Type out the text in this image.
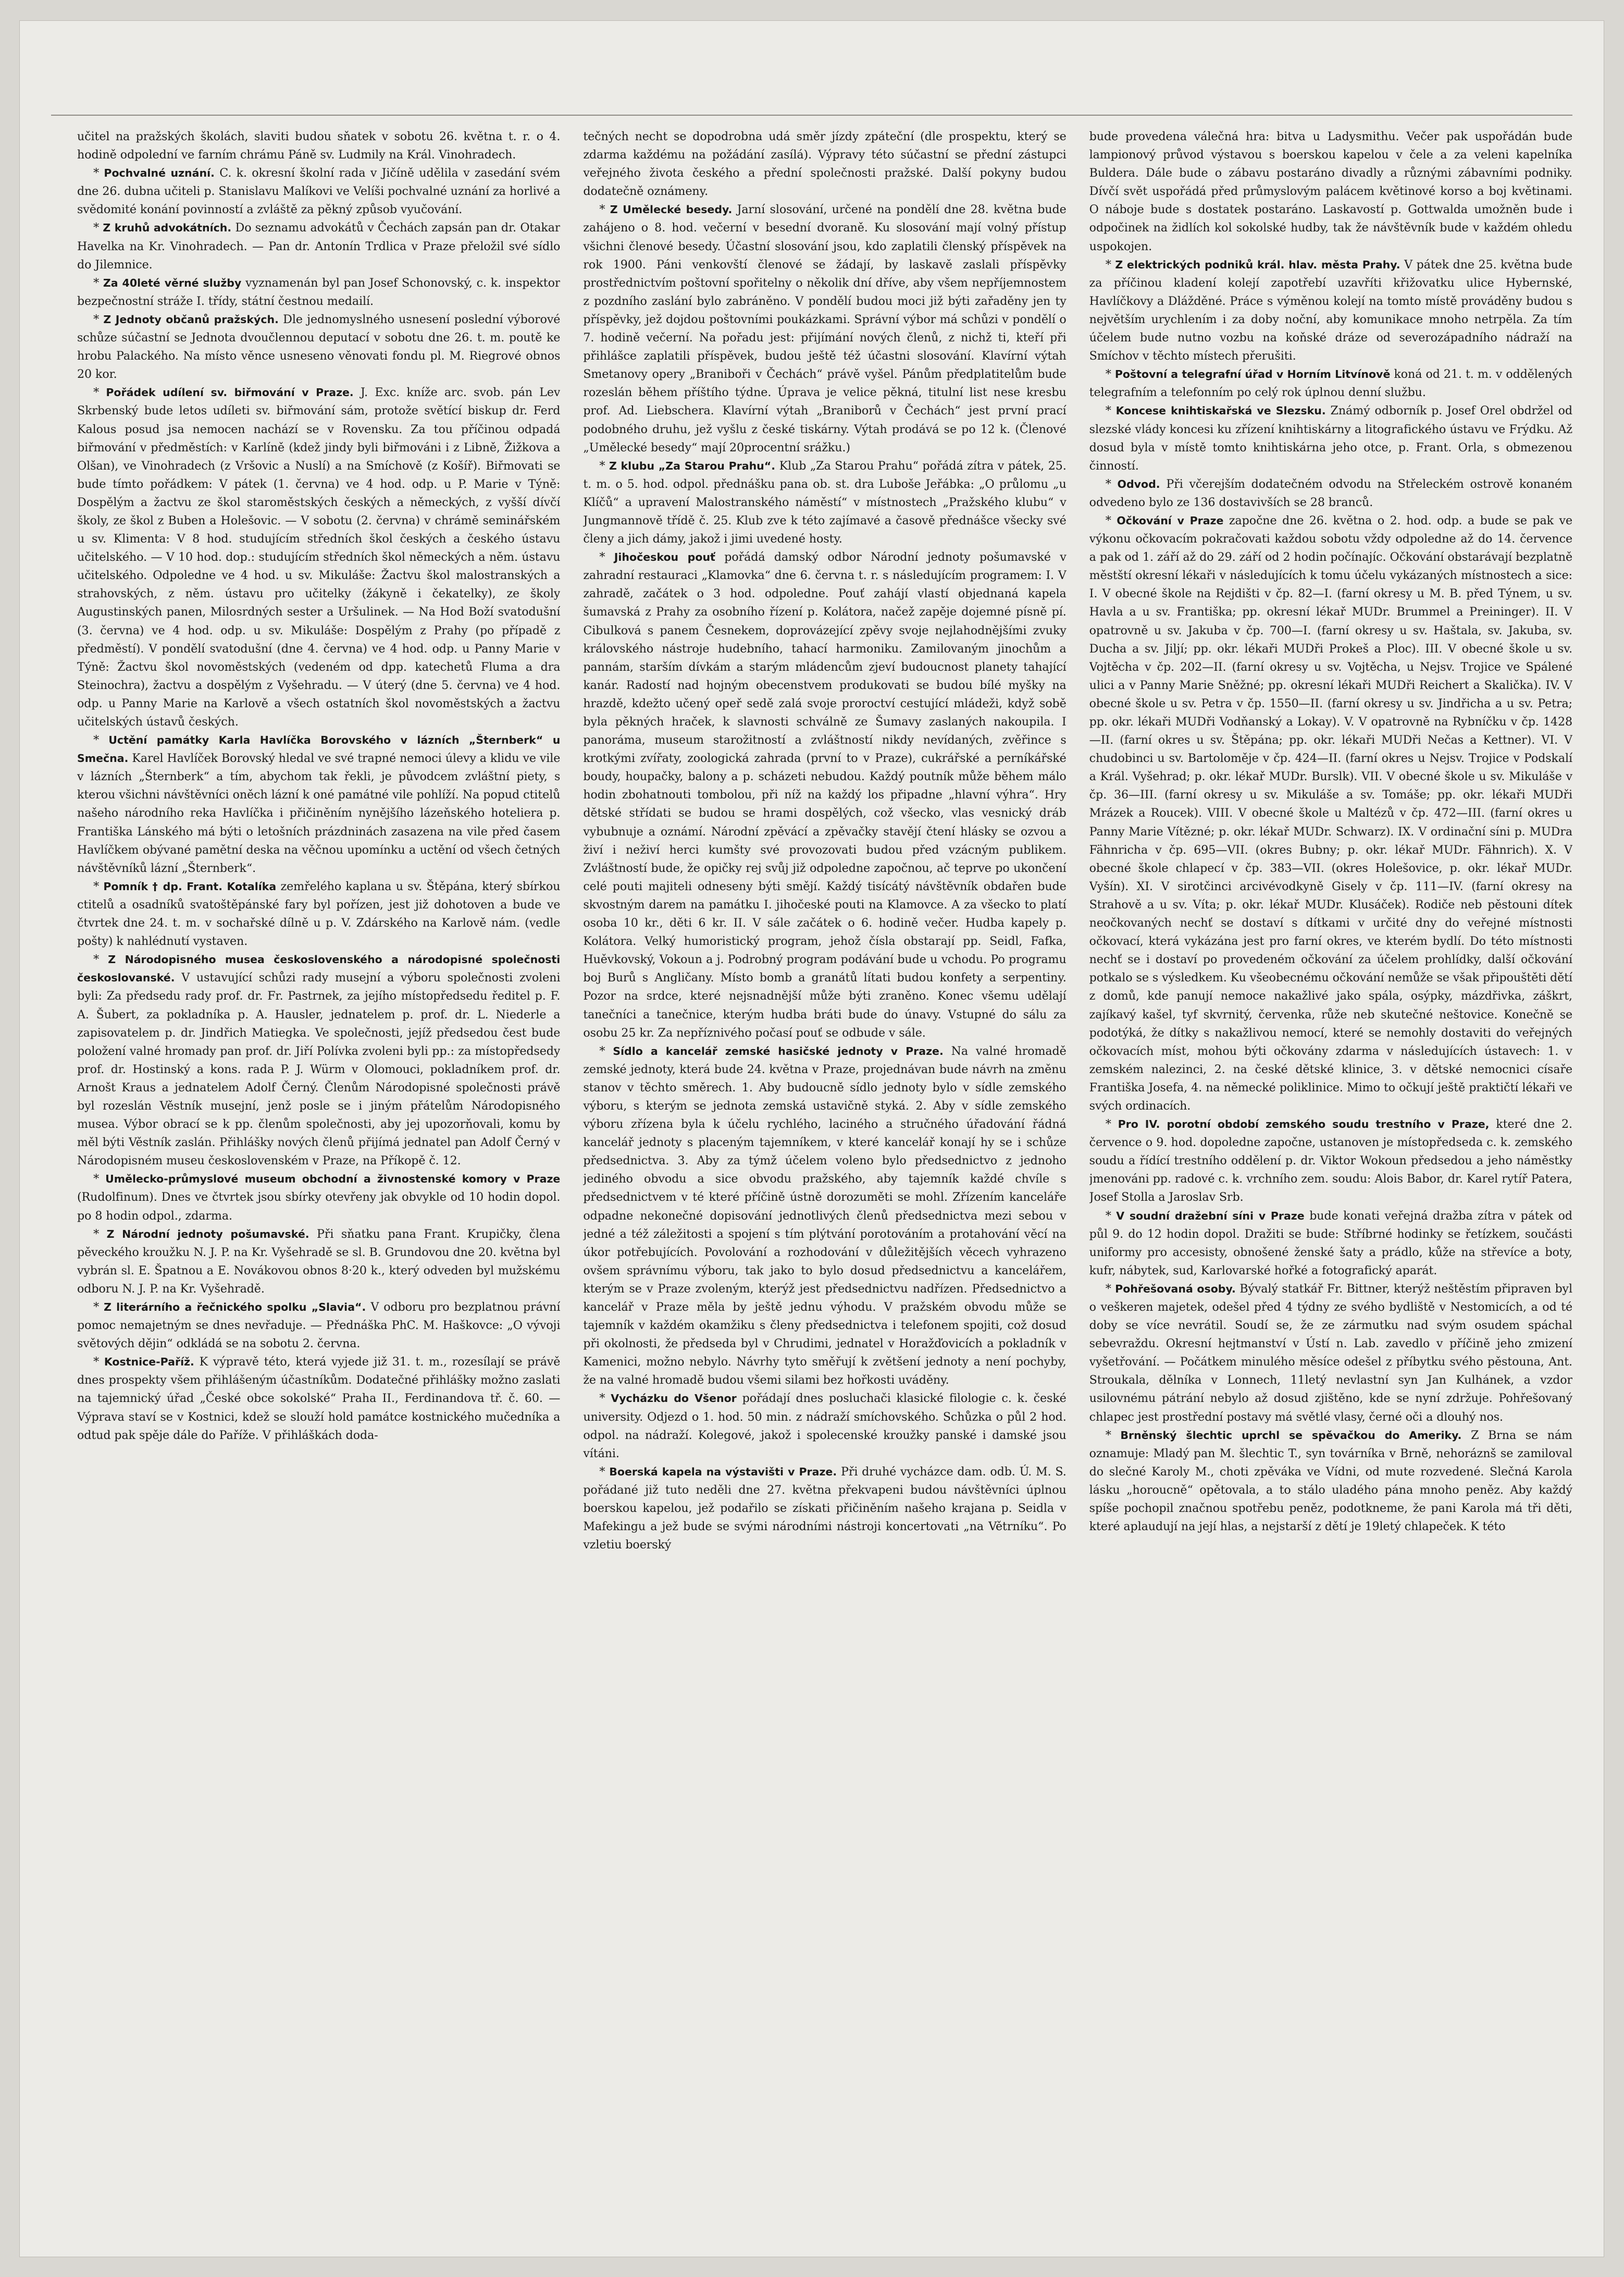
učitel na pražských školách, slaviti budou sňatek v sobotu 26. května t. r. o 4. hodině odpolední ve farním chrámu Páně sv. Ludmily na Král. Vinohradech.

* Pochvalné uznání. C. k. okresní školní rada v Jičíně udělila v zasedání svém dne 26. dubna učiteli p. Stanislavu Malíkovi ve Velíši pochvalné uznání za horlivé a svědomité konání povinností a zvláště za pěkný způsob vyučování.

* Z kruhů advokátních. Do seznamu advokátů v Čechách zapsán pan dr. Otakar Havelka na Kr. Vinohradech. — Pan dr. Antonín Trdlica v Praze přeložil své sídlo do Jilemnice.

* Za 40leté věrné služby vyznamenán byl pan Josef Schonovský, c. k. inspektor bezpečnostní stráže I. třídy, státní čestnou medailí.

* Z Jednoty občanů pražských. Dle jednomyslného usnesení poslední výborové schůze súčastní se Jednota dvoučlennou deputací v sobotu dne 26. t. m. poutě ke hrobu Palackého. Na místo věnce usneseno věnovati fondu pl. M. Riegrové obnos 20 kor.

* Pořádek udílení sv. biřmování v Praze. J. Exc. kníže arc. svob. pán Lev Skrbenský bude letos udíleti sv. biřmování sám, protože světící biskup dr. Ferd Kalous posud jsa nemocen nachází se v Rovensku. Za tou příčinou odpadá biřmování v předměstích: v Karlíně (kdež jindy byli biřmováni i z Libně, Žižkova a Olšan), ve Vinohradech (z Vršovic a Nuslí) a na Smíchově (z Košíř). Biřmovati se bude tímto pořádkem: V pátek (1. června) ve 4 hod. odp. u P. Marie v Týně: Dospělým a žactvu ze škol staroměstských českých a německých, z vyšší dívčí školy, ze škol z Buben a Holešovic. — V sobotu (2. června) v chrámě seminářském u sv. Klimenta: V 8 hod. studujícím středních škol českých a českého ústavu učitelského. — V 10 hod. dop.: studujícím středních škol německých a něm. ústavu učitelského. Odpoledne ve 4 hod. u sv. Mikuláše: Žactvu škol malostranských a strahovských, z něm. ústavu pro učitelky (žákyně i čekatelky), ze školy Augustinských panen, Milosrdných sester a Uršulinek. — Na Hod Boží svatodušní (3. června) ve 4 hod. odp. u sv. Mikuláše: Dospělým z Prahy (po případě z předměstí). V pondělí svatodušní (dne 4. června) ve 4 hod. odp. u Panny Marie v Týně: Žactvu škol novoměstských (vedeném od dpp. katechetů Fluma a dra Steinochra), žactvu a dospělým z Vyšehradu. — V úterý (dne 5. června) ve 4 hod. odp. u Panny Marie na Karlově a všech ostatních škol novoměstských a žactvu učitelských ústavů českých.

* Uctění památky Karla Havlíčka Borovského v lázních „Šternberk“ u Smečna. Karel Havlíček Borovský hledal ve své trapné nemoci úlevy a klidu ve vile v lázních „Šternberk“ a tím, abychom tak řekli, je původcem zvláštní piety, s kterou všichni návštěvníci oněch lázní k oné památné vile pohlíží. Na popud ctitelů našeho národního reka Havlíčka i přičiněním nynějšího lázeňského hoteliera p. Františka Lánského má býti o letošních prázdninách zasazena na vile před časem Havlíčkem obývané pamětní deska na věčnou upomínku a uctění od všech četných návštěvníků lázní „Šternberk“.

* Pomník † dp. Frant. Kotalíka zemřelého kaplana u sv. Štěpána, který sbírkou ctitelů a osadníků svatoštěpánské fary byl pořízen, jest již dohotoven a bude ve čtvrtek dne 24. t. m. v sochařské dílně u p. V. Zdárského na Karlově nám. (vedle pošty) k nahlédnutí vystaven.

* Z Národopisného musea československého a národopisné společnosti českoslovanské. V ustavující schůzi rady musejní a výboru společnosti zvoleni byli: Za předsedu rady prof. dr. Fr. Pastrnek, za jejího místopředsedu ředitel p. F. A. Šubert, za pokladníka p. A. Hausler, jednatelem p. prof. dr. L. Niederle a zapisovatelem p. dr. Jindřich Matiegka. Ve společnosti, jejíž předsedou čest bude položení valné hromady pan prof. dr. Jiří Polívka zvoleni byli pp.: za místopředsedy prof. dr. Hostinský a kons. rada P. J. Würm v Olomouci, pokladníkem prof. dr. Arnošt Kraus a jednatelem Adolf Černý. Členům Národopisné společnosti právě byl rozeslán Věstník musejní, jenž posle se i jiným přátelům Národopisného musea. Výbor obrací se k pp. členům společnosti, aby jej upozorňovali, komu by měl býti Věstník zaslán. Přihlášky nových členů přijímá jednatel pan Adolf Černý v Národopisném museu československém v Praze, na Příkopě č. 12.

* Umělecko-průmyslové museum obchodní a živnostenské komory v Praze (Rudolfinum). Dnes ve čtvrtek jsou sbírky otevřeny jak obvykle od 10 hodin dopol. po 8 hodin odpol., zdarma.

* Z Národní jednoty pošumavské. Při sňatku pana Frant. Krupičky, člena pěveckého kroužku N. J. P. na Kr. Vyšehradě se sl. B. Grundovou dne 20. května byl vybrán sl. E. Špatnou a E. Novákovou obnos 8·20 k., který odveden byl mužskému odboru N. J. P. na Kr. Vyšehradě.

* Z literárního a řečnického spolku „Slavia“. V odboru pro bezplatnou právní pomoc nemajetným se dnes nevřaduje. — Přednáška PhC. M. Haškovce: „O vývoji světových dějin“ odkládá se na sobotu 2. června.

* Kostnice-Paříž. K výpravě této, která vyjede již 31. t. m., rozesílají se právě dnes prospekty všem přihlášeným účastníkům. Dodatečné přihlášky možno zaslati na tajemnický úřad „České obce sokolské“ Praha II., Ferdinandova tř. č. 60. — Výprava staví se v Kostnici, kdež se slouží hold památce kostnického mučedníka a odtud pak spěje dále do Paříže. V přihláškách doda-

tečných necht se dopodrobna udá směr jízdy zpáteční (dle prospektu, který se zdarma každému na požádání zasílá). Výpravy této súčastní se přední zástupci veřejného života českého a přední společnosti pražské. Další pokyny budou dodatečně oznámeny.

* Z Umělecké besedy. Jarní slosování, určené na pondělí dne 28. května bude zahájeno o 8. hod. večerní v besední dvoraně. Ku slosování mají volný přístup všichni členové besedy. Účastní slosování jsou, kdo zaplatili členský příspěvek na rok 1900. Páni venkovští členové se žádají, by laskavě zaslali příspěvky prostřednictvím poštovní spořitelny o několik dní dříve, aby všem nepříjemnostem z pozdního zaslání bylo zabráněno. V pondělí budou moci již býti zařaděny jen ty příspěvky, jež dojdou poštovními poukázkami. Správní výbor má schůzi v pondělí o 7. hodině večerní. Na pořadu jest: přijímání nových členů, z nichž ti, kteří při přihlášce zaplatili příspěvek, budou ještě též účastni slosování. Klavírní výtah Smetanovy opery „Braniboři v Čechách“ právě vyšel. Pánům předplatitelům bude rozeslán během příštího týdne. Úprava je velice pěkná, titulní list nese kresbu prof. Ad. Liebschera. Klavírní výtah „Braniborů v Čechách“ jest první prací podobného druhu, jež vyšlu z české tiskárny. Výtah prodává se po 12 k. (Členové „Umělecké besedy“ mají 20procentní srážku.)

* Z klubu „Za Starou Prahu“. Klub „Za Starou Prahu“ pořádá zítra v pátek, 25. t. m. o 5. hod. odpol. přednášku pana ob. st. dra Luboše Jeřábka: „O průlomu „u Klíčů“ a upravení Malostranského náměstí“ v místnostech „Pražského klubu“ v Jungmannově třídě č. 25. Klub zve k této zajímavé a časově přednášce všecky své členy a jich dámy, jakož i jimi uvedené hosty.

* Jihočeskou pouť pořádá damský odbor Národní jednoty pošumavské v zahradní restauraci „Klamovka“ dne 6. června t. r. s následujícím programem: I. V zahradě, začátek o 3 hod. odpoledne. Pouť zahájí vlastí objednaná kapela šumavská z Prahy za osobního řízení p. Kolátora, načež zapěje dojemné písně pí. Cibulková s panem Česnekem, doprovázející zpěvy svoje nejlahodnějšími zvuky královského nástroje hudebního, tahací harmoniku. Zamilovaným jinochům a pannám, starším dívkám a starým mládencům zjeví budoucnost planety tahající kanár. Radostí nad hojným obecenstvem produkovati se budou bílé myšky na hrazdě, kdežto učený opeř sedě zalá svoje proroctví cestující mládeži, když sobě byla pěkných hraček, k slavnosti schválně ze Šumavy zaslaných nakoupila. I panoráma, museum starožitností a zvláštností nikdy nevídaných, zvěřince s krotkými zvířaty, zoologická zahrada (první to v Praze), cukrářské a perníkářské boudy, houpačky, balony a p. scházeti nebudou. Každý poutník může během málo hodin zbohatnouti tombolou, při níž na každý los připadne „hlavní výhra“. Hry dětské střídati se budou se hrami dospělých, což všecko, vlas vesnický dráb vybubnuje a oznámí. Národní zpěvácí a zpěvačky stavějí čtení hlásky se ozvou a živí i neživí herci kumšty své provozovati budou před vzácným publikem. Zvláštností bude, že opičky rej svůj již odpoledne započnou, ač teprve po ukončení celé pouti majiteli odneseny býti smějí. Každý tisícátý návštěvník obdařen bude skvostným darem na památku I. jihočeské pouti na Klamovce. A za všecko to platí osoba 10 kr., děti 6 kr. II. V sále začátek o 6. hodině večer. Hudba kapely p. Kolátora. Velký humoristický program, jehož čísla obstarají pp. Seidl, Fafka, Huěvkovský, Vokoun a j. Podrobný program podávání bude u vchodu. Po programu boj Burů s Angličany. Místo bomb a granátů lítati budou konfety a serpentiny. Pozor na srdce, které nejsnadnější může býti zraněno. Konec všemu udělají tanečníci a tanečnice, kterým hudba bráti bude do únavy. Vstupné do sálu za osobu 25 kr. Za nepříznivého počasí pouť se odbude v sále.

* Sídlo a kancelář zemské hasičské jednoty v Praze. Na valné hromadě zemské jednoty, která bude 24. května v Praze, projednávan bude návrh na změnu stanov v těchto směrech. 1. Aby budoucně sídlo jednoty bylo v sídle zemského výboru, s kterým se jednota zemská ustavičně styká. 2. Aby v sídle zemského výboru zřízena byla k účelu rychlého, laciného a stručného úřadování řádná kancelář jednoty s placeným tajemníkem, v které kancelář konají hy se i schůze předsednictva. 3. Aby za týmž účelem voleno bylo předsednictvo z jednoho jediného obvodu a sice obvodu pražského, aby tajemník každé chvíle s předsednictvem v té které příčině ústně dorozuměti se mohl. Zřízením kanceláře odpadne nekonečné dopisování jednotlivých členů předsednictva mezi sebou v jedné a též záležitosti a spojení s tím plýtvání porotováním a protahování věcí na úkor potřebujících. Povolování a rozhodování v důležitějších věcech vyhrazeno ovšem správnímu výboru, tak jako to bylo dosud předsednictvu a kancelářem, kterým se v Praze zvoleným, kterýž jest předsednictvu nadřízen. Předsednictvo a kancelář v Praze měla by ještě jednu výhodu. V pražském obvodu může se tajemník v každém okamžiku s členy předsednictva i telefonem spojiti, což dosud při okolnosti, že předseda byl v Chrudimi, jednatel v Horažďovicích a pokladník v Kamenici, možno nebylo. Návrhy tyto směřují k zvětšení jednoty a není pochyby, že na valné hromadě budou všemi silami bez hořkosti uváděny.

* Vycházku do Všenor pořádají dnes posluchači klasické filologie c. k. české university. Odjezd o 1. hod. 50 min. z nádraží smíchovského. Schůzka o půl 2 hod. odpol. na nádraží. Kolegové, jakož i spolecenské kroužky panské i damské jsou vítáni.

* Boerská kapela na výstavišti v Praze. Při druhé vycházce dam. odb. Ú. M. S. pořádané již tuto neděli dne 27. května překvapeni budou návštěvníci úplnou boerskou kapelou, jež podařilo se získati přičiněním našeho krajana p. Seidla v Mafekingu a jež bude se svými národními nástroji koncertovati „na Větrníku“. Po vzletiu boerský

bude provedena válečná hra: bitva u Ladysmithu. Večer pak uspořádán bude lampionový průvod výstavou s boerskou kapelou v čele a za veleni kapelníka Buldera. Dále bude o zábavu postaráno divadly a různými zábavními podniky. Dívčí svět uspořádá před průmyslovým palácem květinové korso a boj květinami. O náboje bude s dostatek postaráno. Laskavostí p. Gottwalda umožněn bude i odpočinek na židlích kol sokolské hudby, tak že návštěvník bude v každém ohledu uspokojen.

* Z elektrických podniků král. hlav. města Prahy. V pátek dne 25. května bude za příčinou kladení kolejí zapotřebí uzavříti křižovatku ulice Hybernské, Havlíčkovy a Dlážděné. Práce s výměnou kolejí na tomto místě prováděny budou s největším urychlením i za doby noční, aby komunikace mnoho netrpěla. Za tím účelem bude nutno vozbu na koňské dráze od severozápadního nádraží na Smíchov v těchto místech přerušiti.

* Poštovní a telegrafní úřad v Horním Litvínově koná od 21. t. m. v oddělených telegrafním a telefonním po celý rok úplnou denní službu.

* Koncese knihtiskařská ve Slezsku. Známý odborník p. Josef Orel obdržel od slezské vlády koncesi ku zřízení knihtiskárny a litografického ústavu ve Frýdku. Až dosud byla v místě tomto knihtiskárna jeho otce, p. Frant. Orla, s obmezenou činností.

* Odvod. Při včerejším dodatečném odvodu na Střeleckém ostrově konaném odvedeno bylo ze 136 dostavivších se 28 branců.

* Očkování v Praze započne dne 26. května o 2. hod. odp. a bude se pak ve výkonu očkovacím pokračovati každou sobotu vždy odpoledne až do 14. července a pak od 1. září až do 29. září od 2 hodin počínajíc. Očkování obstarávají bezplatně městští okresní lékaři v následujících k tomu účelu vykázaných místnostech a sice: I. V obecné škole na Rejdišti v čp. 82—I. (farní okresy u M. B. před Týnem, u sv. Havla a u sv. Františka; pp. okresní lékař MUDr. Brummel a Preininger). II. V opatrovně u sv. Jakuba v čp. 700—I. (farní okresy u sv. Haštala, sv. Jakuba, sv. Ducha a sv. Jiljí; pp. okr. lékaři MUDři Prokeš a Ploc). III. V obecné škole u sv. Vojtěcha v čp. 202—II. (farní okresy u sv. Vojtěcha, u Nejsv. Trojice ve Spálené ulici a v Panny Marie Sněžné; pp. okresní lékaři MUDři Reichert a Skalička). IV. V obecné škole u sv. Petra v čp. 1550—II. (farní okresy u sv. Jindřicha a u sv. Petra; pp. okr. lékaři MUDři Vodňanský a Lokay). V. V opatrovně na Rybníčku v čp. 1428—II. (farní okres u sv. Štěpána; pp. okr. lékaři MUDři Nečas a Kettner). VI. V chudobinci u sv. Bartoloměje v čp. 424—II. (farní okres u Nejsv. Trojice v Podskalí a Král. Vyšehrad; p. okr. lékař MUDr. Burslk). VII. V obecné škole u sv. Mikuláše v čp. 36—III. (farní okresy u sv. Mikuláše a sv. Tomáše; pp. okr. lékaři MUDři Mrázek a Roucek). VIII. V obecné škole u Maltézů v čp. 472—III. (farní okres u Panny Marie Vítězné; p. okr. lékař MUDr. Schwarz). IX. V ordinační síni p. MUDra Fähnricha v čp. 695—VII. (okres Bubny; p. okr. lékař MUDr. Fähnrich). X. V obecné škole chlapecí v čp. 383—VII. (okres Holešovice, p. okr. lékař MUDr. Vyšín). XI. V sirotčinci arcivévodkyně Gisely v čp. 111—IV. (farní okresy na Strahově a u sv. Víta; p. okr. lékař MUDr. Klusáček). Rodiče neb pěstouni dítek neočkovaných nechť se dostaví s dítkami v určité dny do veřejné místnosti očkovací, která vykázána jest pro farní okres, ve kterém bydlí. Do této místnosti nechť se i dostaví po provedeném očkování za účelem prohlídky, další očkování potkalo se s výsledkem. Ku všeobecnému očkování nemůže se však připouštěti dětí z domů, kde panují nemoce nakažlivé jako spála, osýpky, mázdřivka, záškrt, zajíkavý kašel, tyf skvrnitý, červenka, růže neb skutečné neštovice. Konečně se podotýká, že dítky s nakažlivou nemocí, které se nemohly dostaviti do veřejných očkovacích míst, mohou býti očkovány zdarma v následujících ústavech: 1. v zemském nalezinci, 2. na české dětské klinice, 3. v dětské nemocnici císaře Františka Josefa, 4. na německé poliklinice. Mimo to očkují ještě praktičtí lékaři ve svých ordinacích.

* Pro IV. porotní období zemského soudu trestního v Praze, které dne 2. července o 9. hod. dopoledne započne, ustanoven je místopředseda c. k. zemského soudu a řídící trestního oddělení p. dr. Viktor Wokoun předsedou a jeho náměstky jmenováni pp. radové c. k. vrchního zem. soudu: Alois Babor, dr. Karel rytíř Patera, Josef Stolla a Jaroslav Srb.

* V soudní dražební síni v Praze bude konati veřejná dražba zítra v pátek od půl 9. do 12 hodin dopol. Dražiti se bude: Stříbrné hodinky se řetízkem, součásti uniformy pro accesisty, obnošené ženské šaty a prádlo, kůže na střevíce a boty, kufr, nábytek, sud, Karlovarské hořké a fotografický aparát.

* Pohřešovaná osoby. Bývalý statkář Fr. Bittner, kterýž neštěstím připraven byl o veškeren majetek, odešel před 4 týdny ze svého bydliště v Nestomicích, a od té doby se více nevrátil. Soudí se, že ze zármutku nad svým osudem spáchal sebevraždu. Okresní hejtmanství v Ústí n. Lab. zavedlo v příčině jeho zmizení vyšetřování. — Počátkem minulého měsíce odešel z příbytku svého pěstouna, Ant. Stroukala, dělníka v Lonnech, 11letý nevlastní syn Jan Kulhánek, a vzdor usilovnému pátrání nebylo až dosud zjištěno, kde se nyní zdržuje. Pohřešovaný chlapec jest prostřední postavy má světlé vlasy, černé oči a dlouhý nos.

* Brněnský šlechtic uprchl se spěvačkou do Ameriky. Z Brna se nám oznamuje: Mladý pan M. šlechtic T., syn továrníka v Brně, nehoráznš se zamiloval do slečné Karoly M., choti zpěváka ve Vídni, od mute rozvedené. Slečná Karola lásku „horoucně“ opětovala, a to stálo uladého pána mnoho peněz. Aby každý spíše pochopil značnou spotřebu peněz, podotkneme, že pani Karola má tři děti, které aplaudují na její hlas, a nejstarší z dětí je 19letý chlapeček. K této
